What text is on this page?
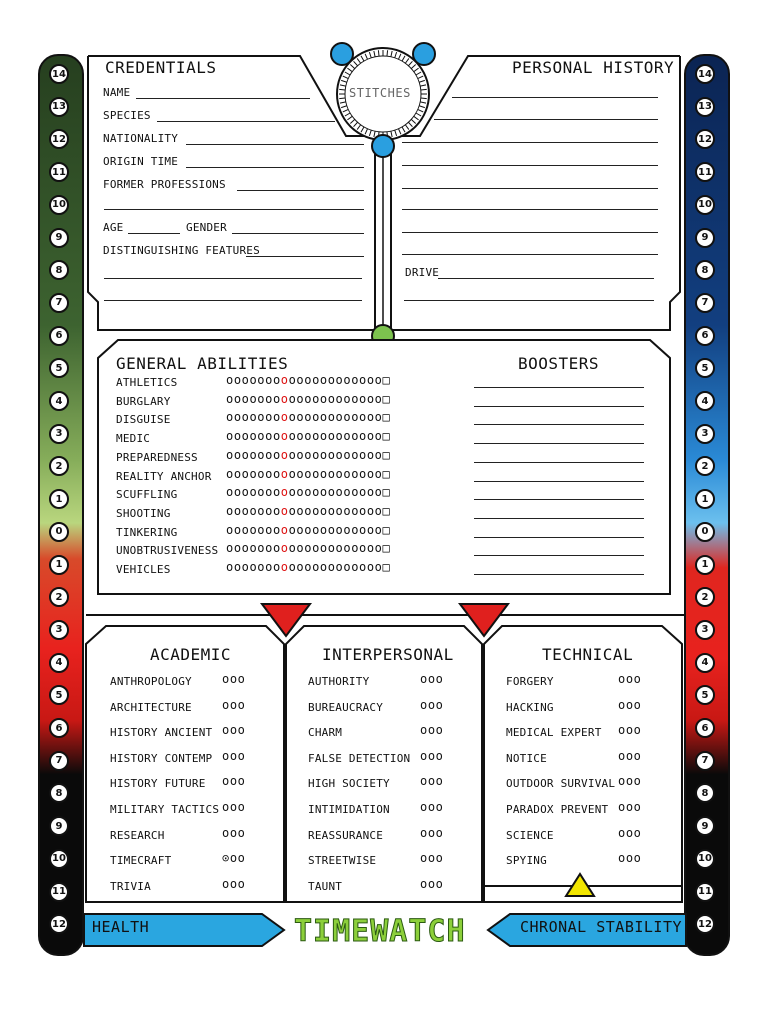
14
13
12
11
10
9
8
7
6
5
4
3
2
1
0
1
2
3
4
5
6
7
8
9
10
11
12
14
13
12
11
10
9
8
7
6
5
4
3
2
1
0
1
2
3
4
5
6
7
8
9
10
11
12
CREDENTIALS	PERSONAL HISTORY
NAME
SPECIES
NATIONALITY
ORIGIN TIME
FORMER PROFESSIONS
AGE	GENDER
DISTINGUISHING FEATURES
DRIVE
STITCHES
GENERAL ABILITIES	BOOSTERS
ATHLETICS	oooooooooooooooooooo□
BURGLARY	oooooooooooooooooooo□
DISGUISE	oooooooooooooooooooo□
MEDIC	oooooooooooooooooooo□
PREPAREDNESS oooooooooooooooooooo□
REALITY ANCHOR oooooooooooooooooooo□
SCUFFLING	oooooooooooooooooooo□
SHOOTING	oooooooooooooooooooo□
TINKERING	oooooooooooooooooooo□
UNOBTRUSIVENESS oooooooooooooooooooo□
VEHICLES	oooooooooooooooooooo□
ACADEMIC	INTERPERSONAL	TECHNICAL
ANTHROPOLOGY	ooo
ARCHITECTURE	ooo
HISTORY ANCIENT ooo
HISTORY CONTEMP ooo
HISTORY FUTURE ooo
MILITARY TACTICS ooo
RESEARCH	ooo
TIMECRAFT	⊙oo
TRIVIA	ooo
AUTHORITY	ooo
BUREAUCRACY	ooo
CHARM	ooo
FALSE DETECTION ooo
HIGH SOCIETY	ooo
INTIMIDATION	ooo
REASSURANCE	ooo
STREETWISE	ooo
TAUNT	ooo
FORGERY	ooo
HACKING	ooo
MEDICAL EXPERT ooo
NOTICE	ooo
OUTDOOR SURVIVAL ooo
PARADOX PREVENT ooo
SCIENCE	ooo
SPYING	ooo
HEALTH	CHRONAL STABILITY
TIMEWATCH
